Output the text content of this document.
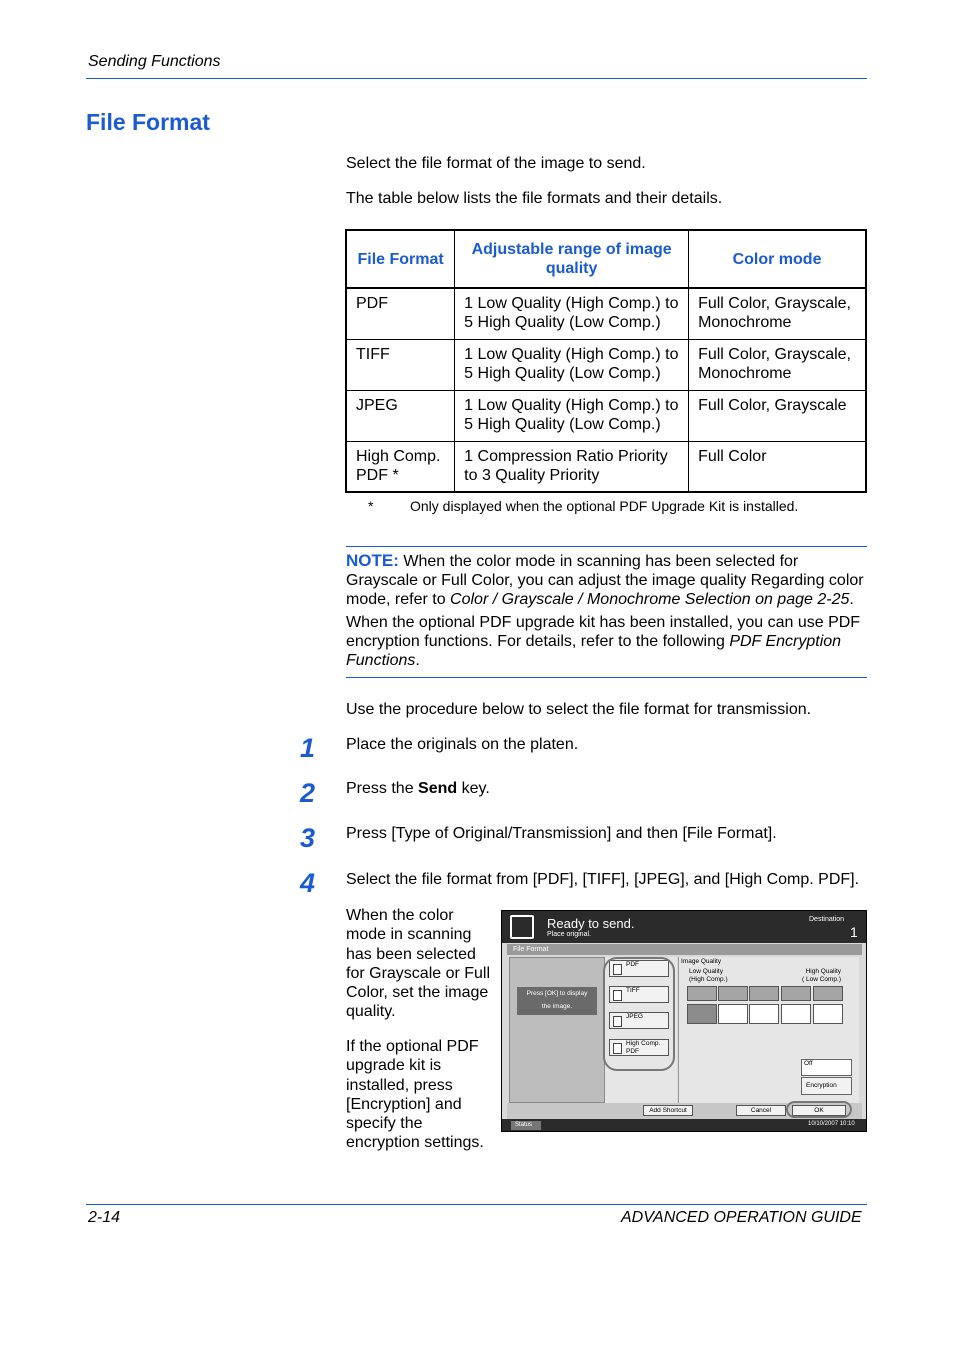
Sending Functions
File Format

Select the file format of the image to send.

The table below lists the file formats and their details.

File Format	Adjustable range of image quality	Color mode
PDF	1 Low Quality (High Comp.) to 5 High Quality (Low Comp.)	Full Color, Grayscale, Monochrome
TIFF	1 Low Quality (High Comp.) to 5 High Quality (Low Comp.)	Full Color, Grayscale, Monochrome
JPEG	1 Low Quality (High Comp.) to 5 High Quality (Low Comp.)	Full Color, Grayscale
High Comp. PDF *	1 Compression Ratio Priority to 3 Quality Priority	Full Color
*	Only displayed when the optional PDF Upgrade Kit is installed.
NOTE: When the color mode in scanning has been selected for Grayscale or Full Color, you can adjust the image quality Regarding color mode, refer to Color / Grayscale / Monochrome Selection on page 2-25.
When the optional PDF upgrade kit has been installed, you can use PDF encryption functions. For details, refer to the following PDF Encryption Functions.

Use the procedure below to select the file format for transmission.

1 Place the originals on the platen.
2 Press the Send key.
3 Press [Type of Original/Transmission] and then [File Format].
4 Select the file format from [PDF], [TIFF], [JPEG], and [High Comp. PDF].

When the color mode in scanning has been selected for Grayscale or Full Color, set the image quality.

If the optional PDF upgrade kit is installed, press [Encryption] and specify the encryption settings.

Ready to send.
Place original.
Destination
1
File Format
Press [OK] to display
the image.
PDF
TIFF
JPEG
High Comp.
PDF
Image Quality
Low Quality
(High Comp.)
High Quality
( Low Comp.)
Off
Encryption
Add Shortcut	Cancel	OK
Status	10/10/2007 10:10
2-14	ADVANCED OPERATION GUIDE
